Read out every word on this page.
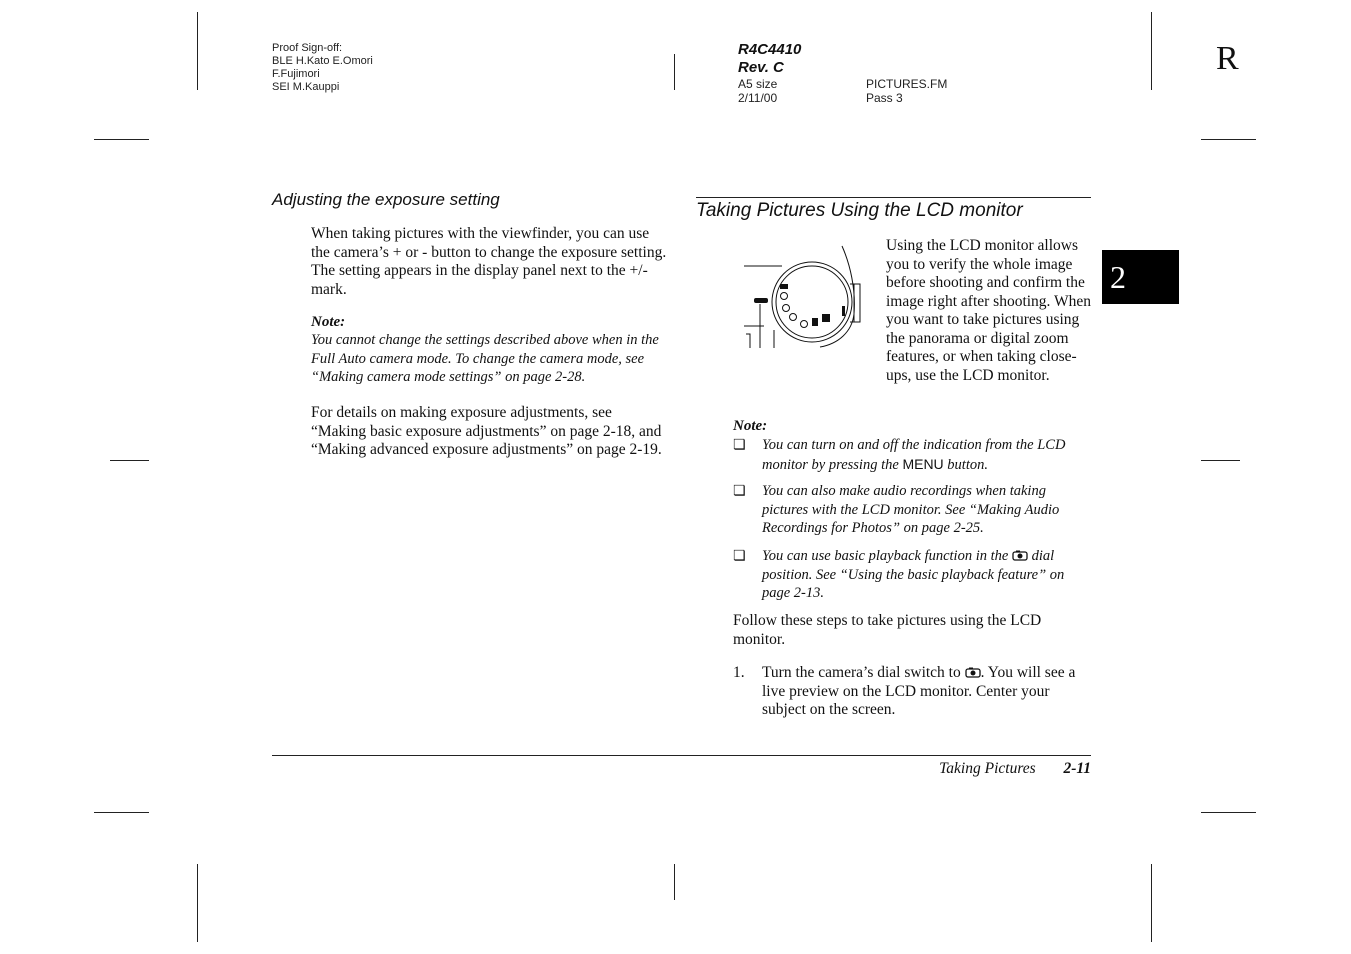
Proof Sign-off:
BLE H.Kato E.Omori
F.Fujimori
SEI M.Kauppi
R4C4410
Rev. C
A5 size	PICTURES.FM
2/11/00	Pass 3
R
2
Adjusting the exposure setting
When taking pictures with the viewfinder, you can use the camera’s + or - button to change the exposure setting. The setting appears in the display panel next to the +/- mark.
Note:
You cannot change the settings described above when in the Full Auto camera mode. To change the camera mode, see “Making camera mode settings” on page 2-28.
For details on making exposure adjustments, see “Making basic exposure adjustments” on page 2-18, and “Making advanced exposure adjustments” on page 2-19.
Taking Pictures Using the LCD monitor
Using the LCD monitor allows you to verify the whole image before shooting and confirm the image right after shooting. When you want to take pictures using the panorama or digital zoom features, or when taking close-ups, use the LCD monitor.
Note:
❏ You can turn on and off the indication from the LCD monitor by pressing the MENU button.
❏ You can also make audio recordings when taking pictures with the LCD monitor. See “Making Audio Recordings for Photos” on page 2-25.
❏ You can use basic playback function in the dial position. See “Using the basic playback feature” on page 2-13.
Follow these steps to take pictures using the LCD monitor.
1. Turn the camera’s dial switch to . You will see a live preview on the LCD monitor. Center your subject on the screen.
Taking Pictures 2-11
